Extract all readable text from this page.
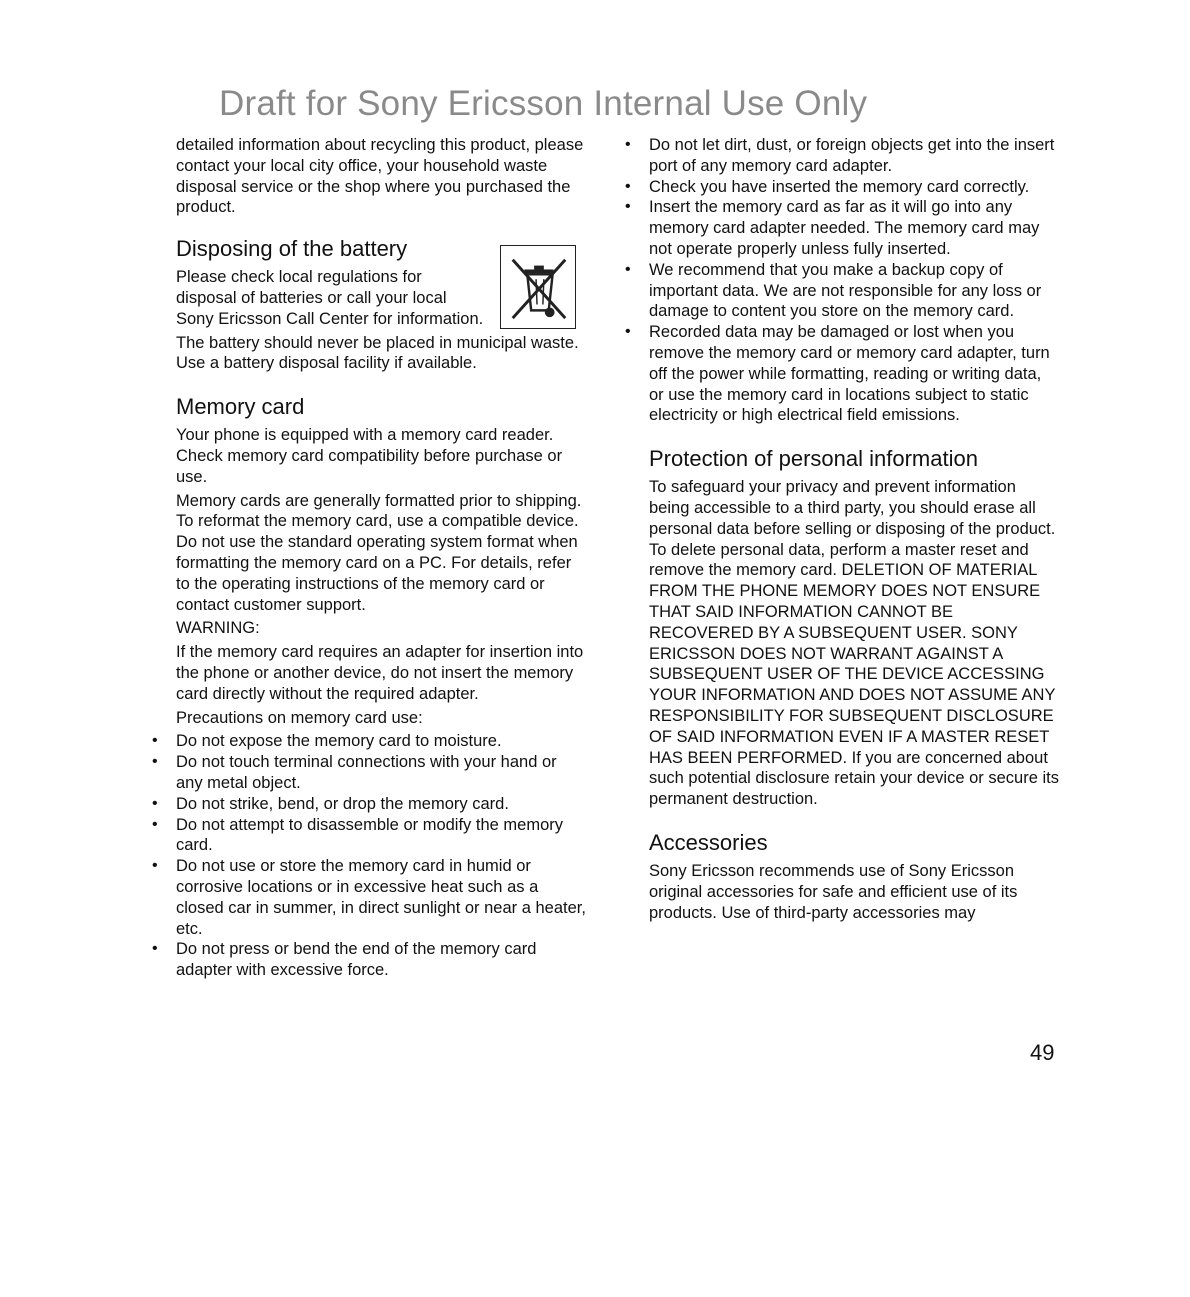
Draft for Sony Ericsson Internal Use Only

detailed information about recycling this product, please contact your local city office, your household waste disposal service or the shop where you purchased the product.

Disposing of the battery

Please check local regulations for disposal of batteries or call your local Sony Ericsson Call Center for information.

The battery should never be placed in municipal waste. Use a battery disposal facility if available.

Memory card

Your phone is equipped with a memory card reader. Check memory card compatibility before purchase or use.

Memory cards are generally formatted prior to shipping. To reformat the memory card, use a compatible device. Do not use the standard operating system format when formatting the memory card on a PC. For details, refer to the operating instructions of the memory card or contact customer support.

WARNING:

If the memory card requires an adapter for insertion into the phone or another device, do not insert the memory card directly without the required adapter.

Precautions on memory card use:

• Do not expose the memory card to moisture.
• Do not touch terminal connections with your hand or any metal object.
• Do not strike, bend, or drop the memory card.
• Do not attempt to disassemble or modify the memory card.
• Do not use or store the memory card in humid or corrosive locations or in excessive heat such as a closed car in summer, in direct sunlight or near a heater, etc.
• Do not press or bend the end of the memory card adapter with excessive force.
• Do not let dirt, dust, or foreign objects get into the insert port of any memory card adapter.
• Check you have inserted the memory card correctly.
• Insert the memory card as far as it will go into any memory card adapter needed. The memory card may not operate properly unless fully inserted.
• We recommend that you make a backup copy of important data. We are not responsible for any loss or damage to content you store on the memory card.
• Recorded data may be damaged or lost when you remove the memory card or memory card adapter, turn off the power while formatting, reading or writing data, or use the memory card in locations subject to static electricity or high electrical field emissions.
Protection of personal information

To safeguard your privacy and prevent information being accessible to a third party, you should erase all personal data before selling or disposing of the product. To delete personal data, perform a master reset and remove the memory card. DELETION OF MATERIAL FROM THE PHONE MEMORY DOES NOT ENSURE THAT SAID INFORMATION CANNOT BE RECOVERED BY A SUBSEQUENT USER. SONY ERICSSON DOES NOT WARRANT AGAINST A SUBSEQUENT USER OF THE DEVICE ACCESSING YOUR INFORMATION AND DOES NOT ASSUME ANY RESPONSIBILITY FOR SUBSEQUENT DISCLOSURE OF SAID INFORMATION EVEN IF A MASTER RESET HAS BEEN PERFORMED. If you are concerned about such potential disclosure retain your device or secure its permanent destruction.

Accessories

Sony Ericsson recommends use of Sony Ericsson original accessories for safe and efficient use of its products. Use of third-party accessories may

49
